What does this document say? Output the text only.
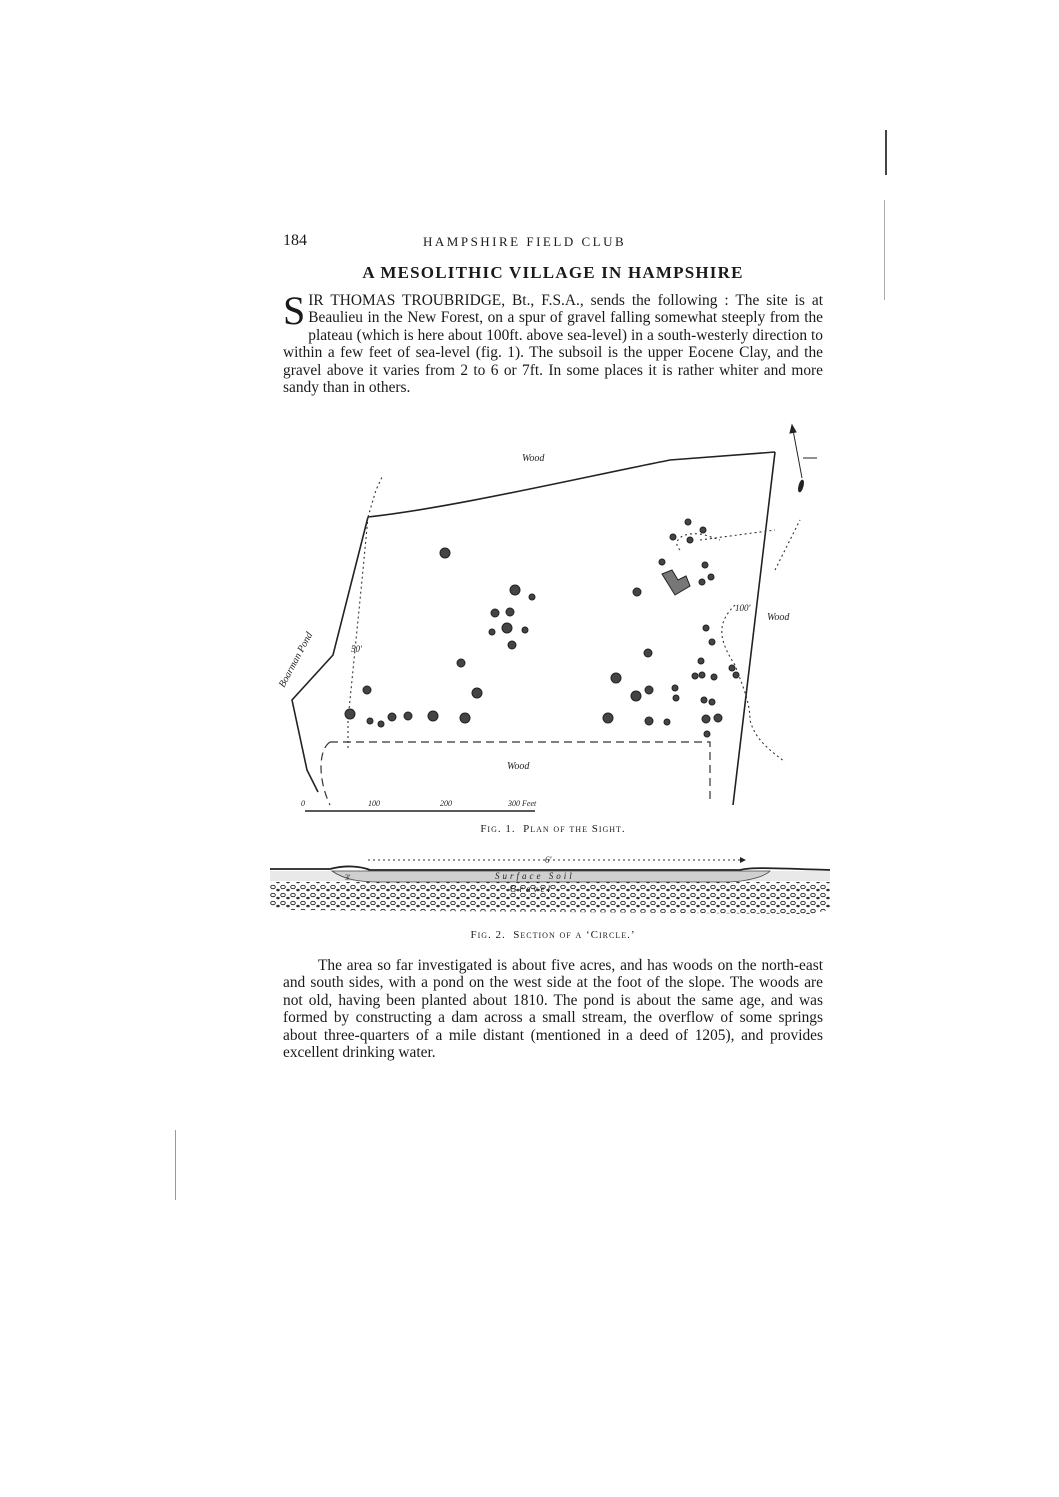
184	HAMPSHIRE FIELD CLUB
A MESOLITHIC VILLAGE IN HAMPSHIRE
SIR THOMAS TROUBRIDGE, Bt., F.S.A., sends the following : The site is at Beaulieu in the New Forest, on a spur of gravel falling somewhat steeply from the plateau (which is here about 100ft. above sea-level) in a south-westerly direction to within a few feet of sea-level (fig. 1). The subsoil is the upper Eocene Clay, and the gravel above it varies from 2 to 6 or 7ft. In some places it is rather whiter and more sandy than in others.
Wood
Wood
Wood
Boarman Pond	50'
100'
0	100	200	300 Feet
Fig. 1. Plan of the Sight.
6'
3'	Surface Soil
Gravel
Fig. 2. Section of a ‘Circle.’
The area so far investigated is about five acres, and has woods on the north-east and south sides, with a pond on the west side at the foot of the slope. The woods are not old, having been planted about 1810. The pond is about the same age, and was formed by constructing a dam across a small stream, the overflow of some springs about three-quarters of a mile distant (mentioned in a deed of 1205), and provides excellent drinking water.
